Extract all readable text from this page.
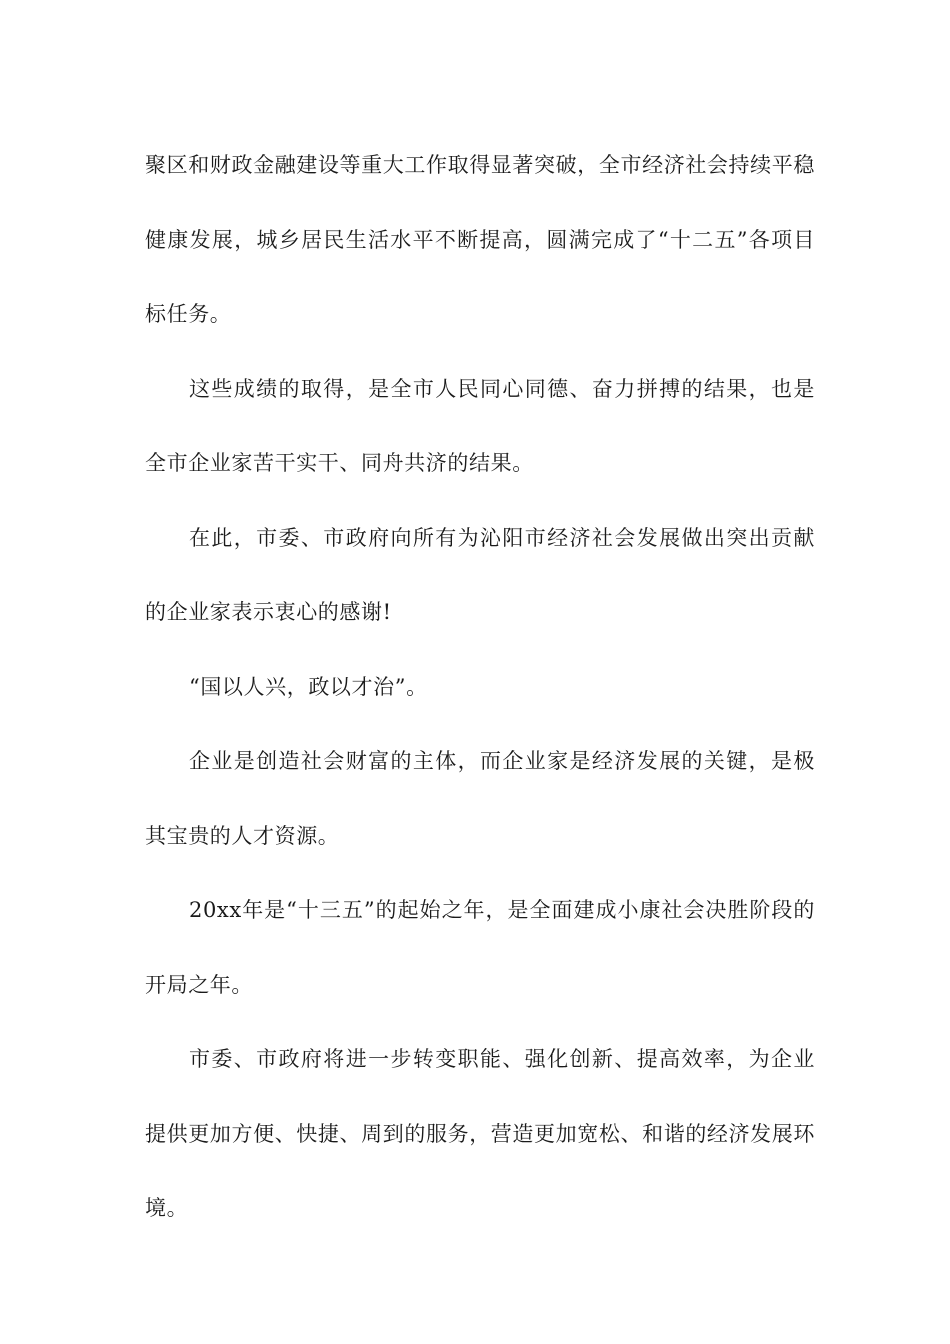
聚区和财政金融建设等重大工作取得显著突破，全市经济社会持续平稳健康发展，城乡居民生活水平不断提高，圆满完成了“十二五”各项目标任务。

这些成绩的取得，是全市人民同心同德、奋力拼搏的结果，也是全市企业家苦干实干、同舟共济的结果。

在此，市委、市政府向所有为沁阳市经济社会发展做出突出贡献的企业家表示衷心的感谢!

“国以人兴，政以才治”。

企业是创造社会财富的主体，而企业家是经济发展的关键，是极其宝贵的人才资源。

20xx年是“十三五”的起始之年，是全面建成小康社会决胜阶段的开局之年。

市委、市政府将进一步转变职能、强化创新、提高效率，为企业提供更加方便、快捷、周到的服务，营造更加宽松、和谐的经济发展环境。
